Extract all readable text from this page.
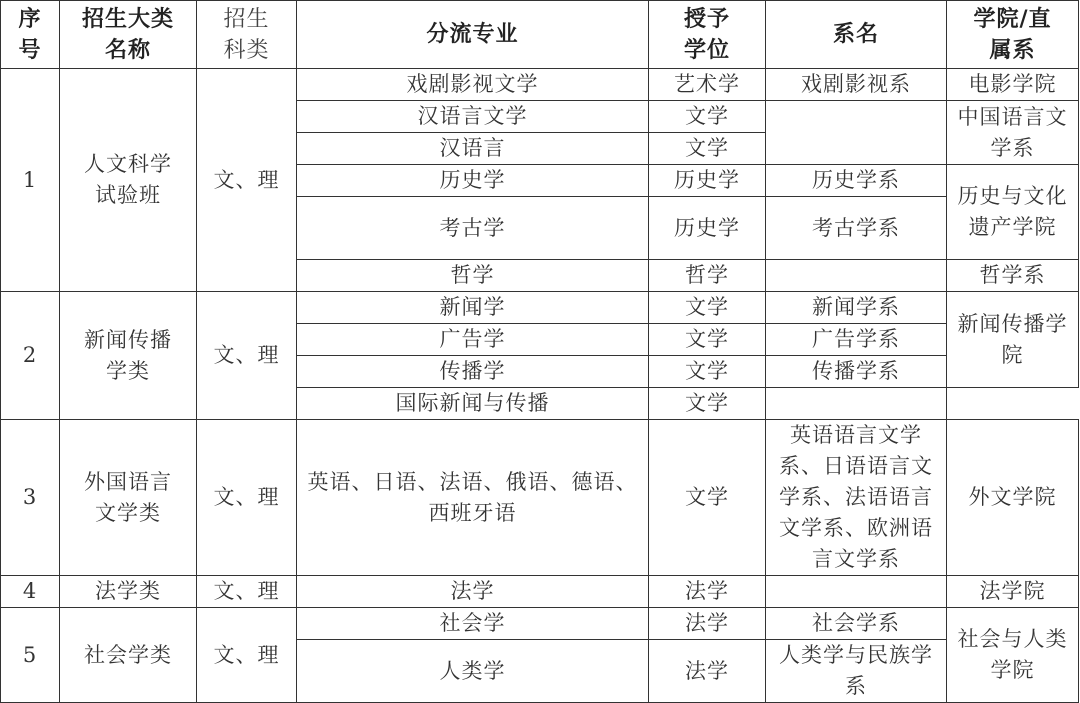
序号	招生大类名称	招生科类	分流专业	授予学位	系名	学院/直属系
1	人文科学试验班	文、理	戏剧影视文学	艺术学	戏剧影视系	电影学院
			汉语言文学	文学		中国语言文学系
			汉语言	文学		
			历史学	历史学	历史学系	历史与文化遗产学院
			考古学	历史学	考古学系	
			哲学	哲学		哲学系
2	新闻传播学类	文、理	新闻学	文学	新闻学系	新闻传播学院
			广告学	文学	广告学系	
			传播学	文学	传播学系	
			国际新闻与传播	文学		
3	外国语言文学类	文、理	英语、日语、法语、俄语、德语、西班牙语	文学	英语语言文学系、日语语言文学系、法语语言文学系、欧洲语言文学系	外文学院
4	法学类	文、理	法学	法学		法学院
5	社会学类	文、理	社会学	法学	社会学系	社会与人类学院
			人类学	法学	人类学与民族学系	
